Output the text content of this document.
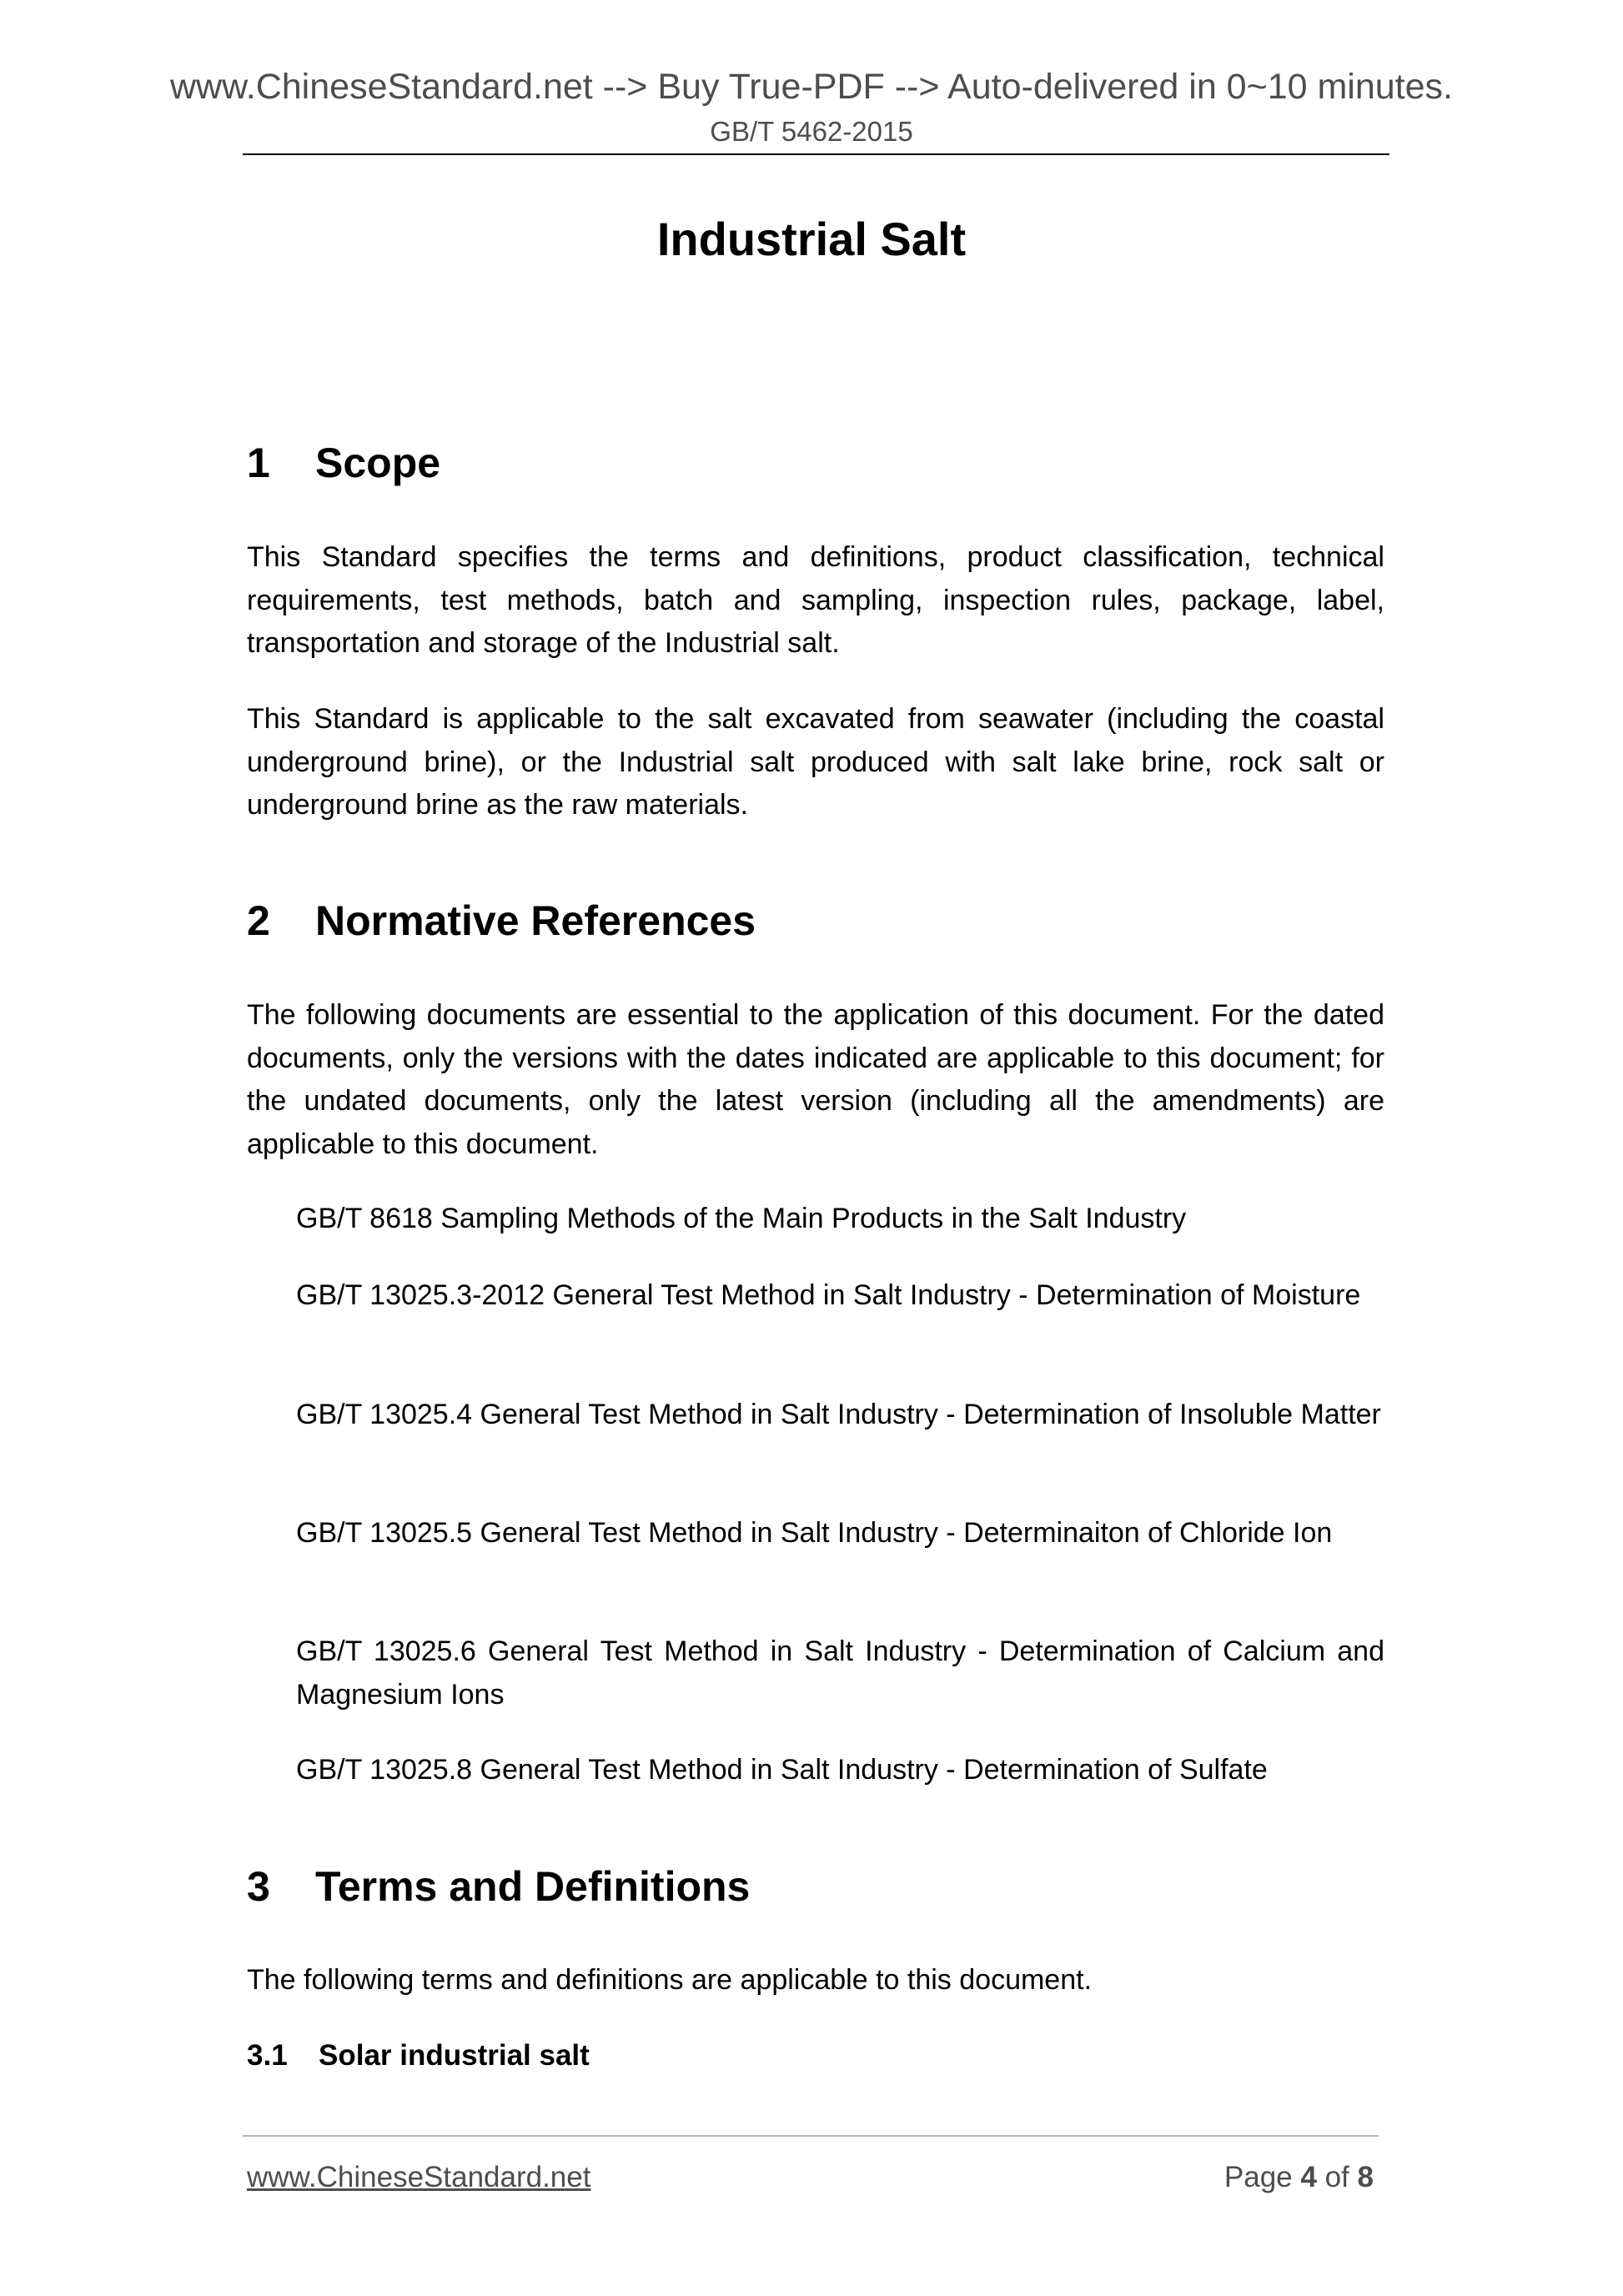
www.ChineseStandard.net --> Buy True-PDF --> Auto-delivered in 0~10 minutes.
GB/T 5462-2015
Industrial Salt
1 Scope
This Standard specifies the terms and definitions, product classification, technical requirements, test methods, batch and sampling, inspection rules, package, label, transportation and storage of the Industrial salt.
This Standard is applicable to the salt excavated from seawater (including the coastal underground brine), or the Industrial salt produced with salt lake brine, rock salt or underground brine as the raw materials.
2 Normative References
The following documents are essential to the application of this document. For the dated documents, only the versions with the dates indicated are applicable to this document; for the undated documents, only the latest version (including all the amendments) are applicable to this document.
GB/T 8618 Sampling Methods of the Main Products in the Salt Industry
GB/T 13025.3-2012 General Test Method in Salt Industry - Determination of Moisture
GB/T 13025.4 General Test Method in Salt Industry - Determination of Insoluble Matter
GB/T 13025.5 General Test Method in Salt Industry - Determinaiton of Chloride Ion
GB/T 13025.6 General Test Method in Salt Industry - Determination of Calcium and Magnesium Ions
GB/T 13025.8 General Test Method in Salt Industry - Determination of Sulfate
3 Terms and Definitions
The following terms and definitions are applicable to this document.
3.1 Solar industrial salt
www.ChineseStandard.net	Page 4 of 8
